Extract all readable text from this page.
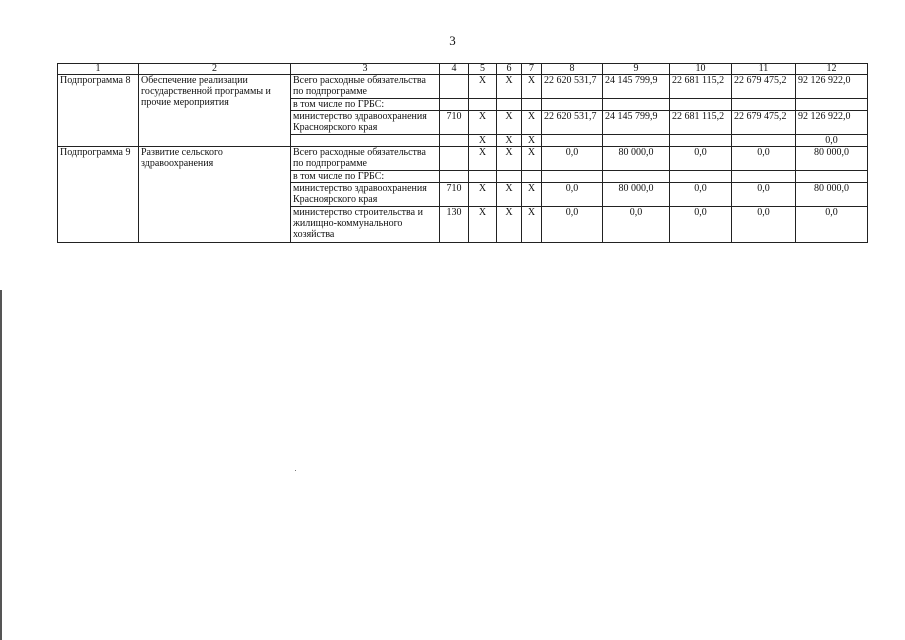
3
1	2	3	4	5	6	7	8	9	10	11	12
Подпрограмма 8	Обеспечение реализации государственной программы и прочие мероприятия	Всего расходные обязательства по подпрограмме		X	X	X	22 620 531,7	24 145 799,9	22 681 115,2	22 679 475,2	92 126 922,0
		в том числе по ГРБС:									
		министерство здравоохранения Красноярского края	710	X	X	X	22 620 531,7	24 145 799,9	22 681 115,2	22 679 475,2	92 126 922,0
				X	X	X					0,0
Подпрограмма 9	Развитие сельского здравоохранения	Всего расходные обязательства по подпрограмме		X	X	X	0,0	80 000,0	0,0	0,0	80 000,0
		в том числе по ГРБС:									
		министерство здравоохранения Красноярского края	710	X	X	X	0,0	80 000,0	0,0	0,0	80 000,0
		министерство строительства и жилищно-коммунального хозяйства	130	X	X	X	0,0	0,0	0,0	0,0	0,0
